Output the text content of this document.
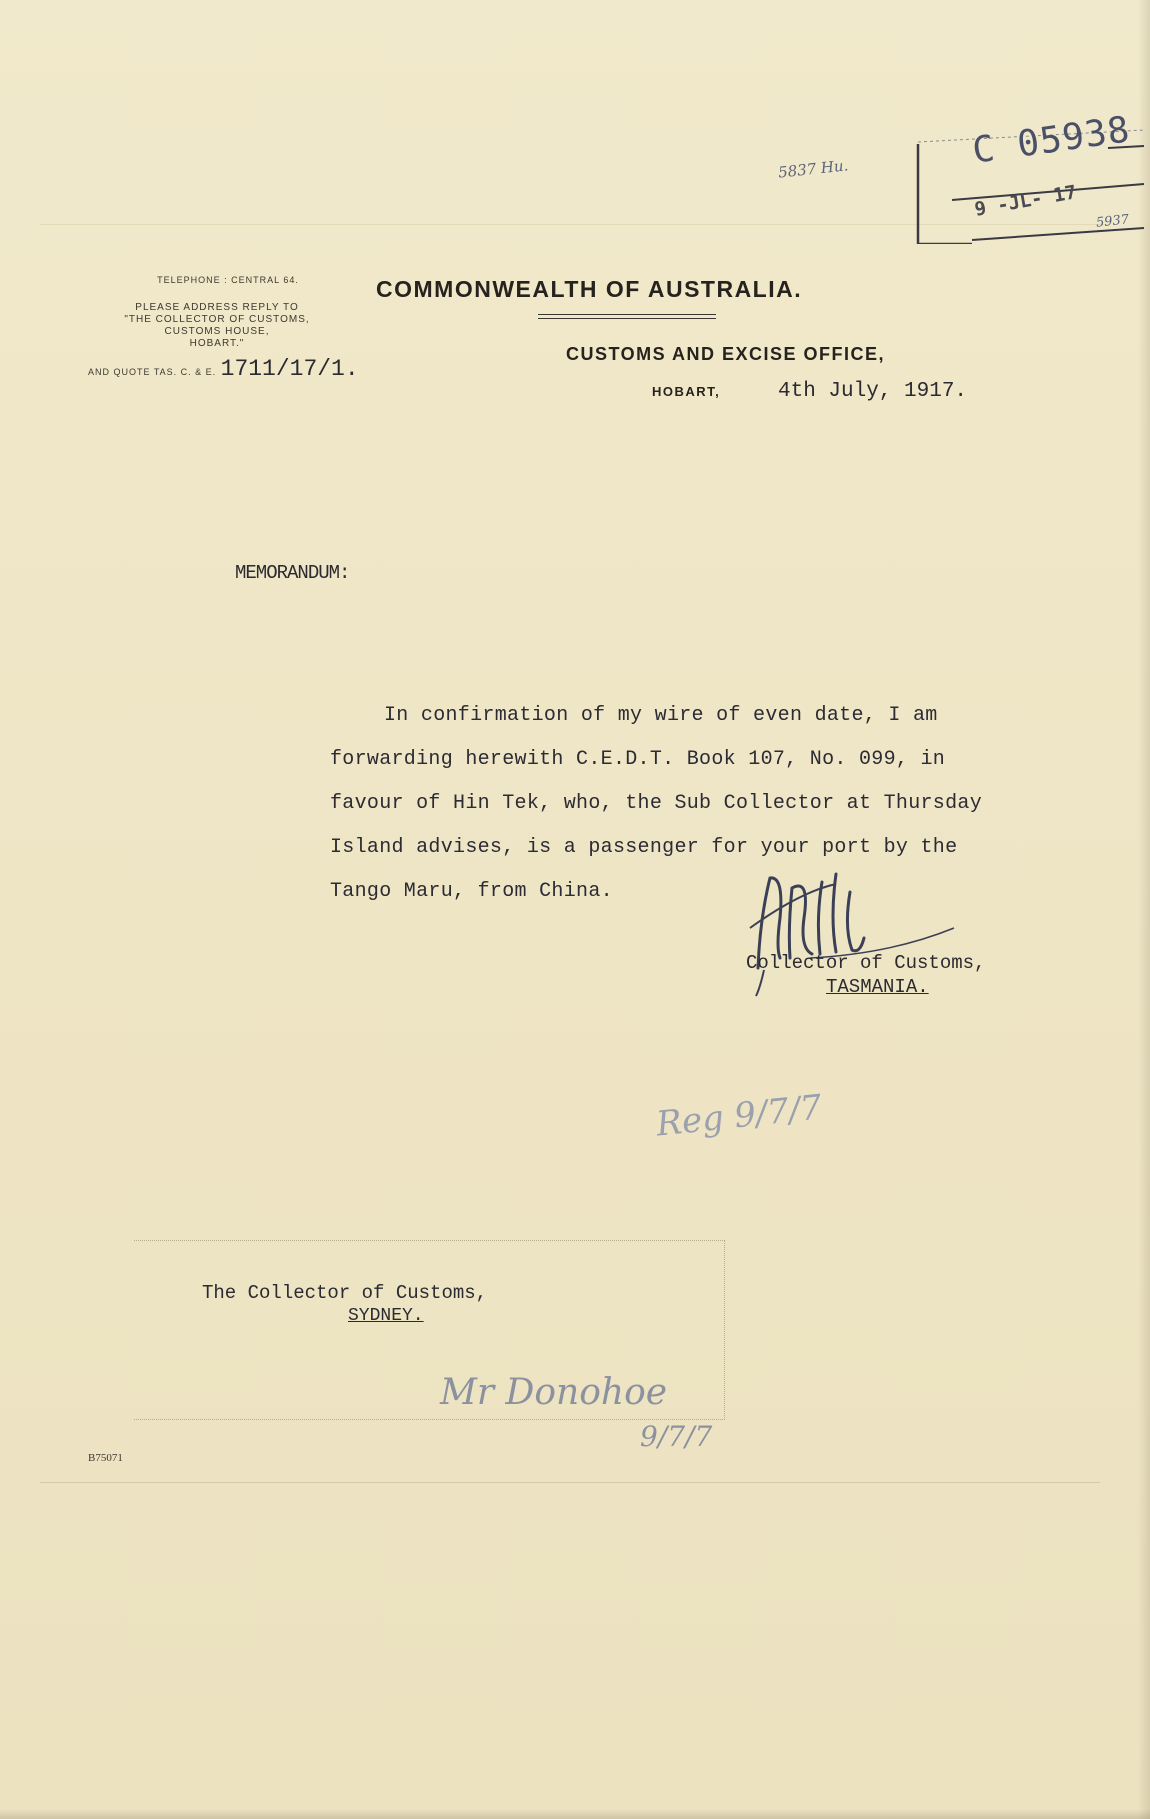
TELEPHONE : CENTRAL 64.
PLEASE ADDRESS REPLY TO
"THE COLLECTOR OF CUSTOMS,
CUSTOMS HOUSE,
HOBART."
AND QUOTE TAS. C. & E. 1711/17/1.
COMMONWEALTH OF AUSTRALIA.
CUSTOMS AND EXCISE OFFICE,
HOBART,	4th July, 1917.
C 05938
9 -JL- 17
5937
5837 Hu.
MEMORANDUM:
In confirmation of my wire of even date, I am
forwarding herewith C.E.D.T. Book 107, No. 099, in
favour of Hin Tek, who, the Sub Collector at Thursday
Island advises, is a passenger for your port by the
Tango Maru, from China.
Collector of Customs,
TASMANIA.
Reg 9/7/7
The Collector of Customs,
SYDNEY.
Mr Donohoe
9/7/7
B75071
